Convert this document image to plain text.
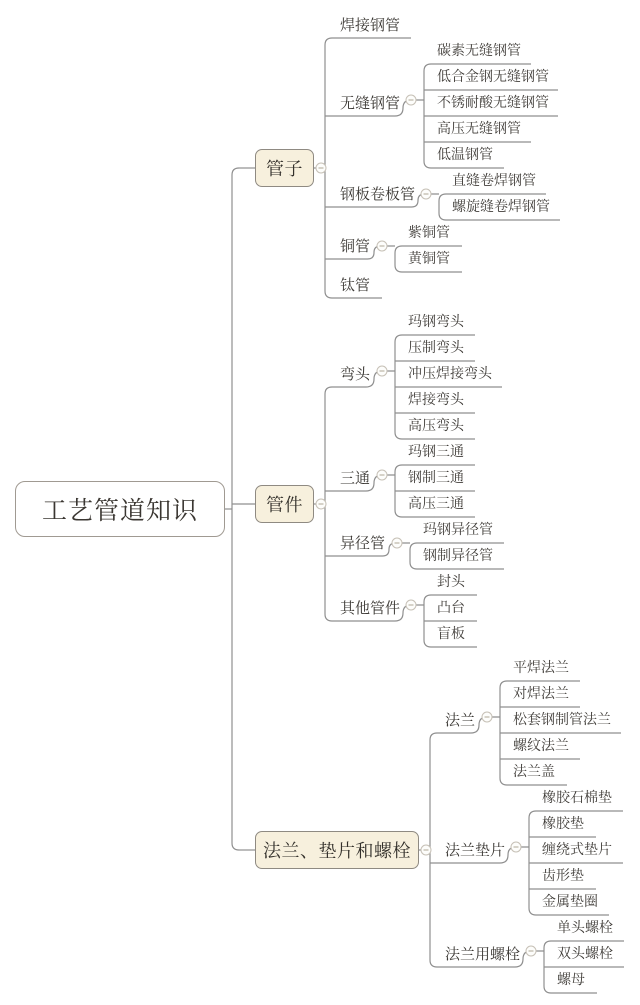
工艺管道知识
管子
焊接钢管
无缝钢管
碳素无缝钢管
低合金钢无缝钢管
不锈耐酸无缝钢管
高压无缝钢管
低温钢管
钢板卷板管
直缝卷焊钢管
螺旋缝卷焊钢管
铜管
紫铜管
黄铜管
钛管
管件
弯头
玛钢弯头
压制弯头
冲压焊接弯头
焊接弯头
高压弯头
三通
玛钢三通
钢制三通
高压三通
异径管
玛钢异径管
钢制异径管
其他管件
封头
凸台
盲板
法兰、垫片和螺栓
法兰
平焊法兰
对焊法兰
松套钢制管法兰
螺纹法兰
法兰盖
法兰垫片
橡胶石棉垫
橡胶垫
缠绕式垫片
齿形垫
金属垫圈
法兰用螺栓
单头螺栓
双头螺栓
螺母
